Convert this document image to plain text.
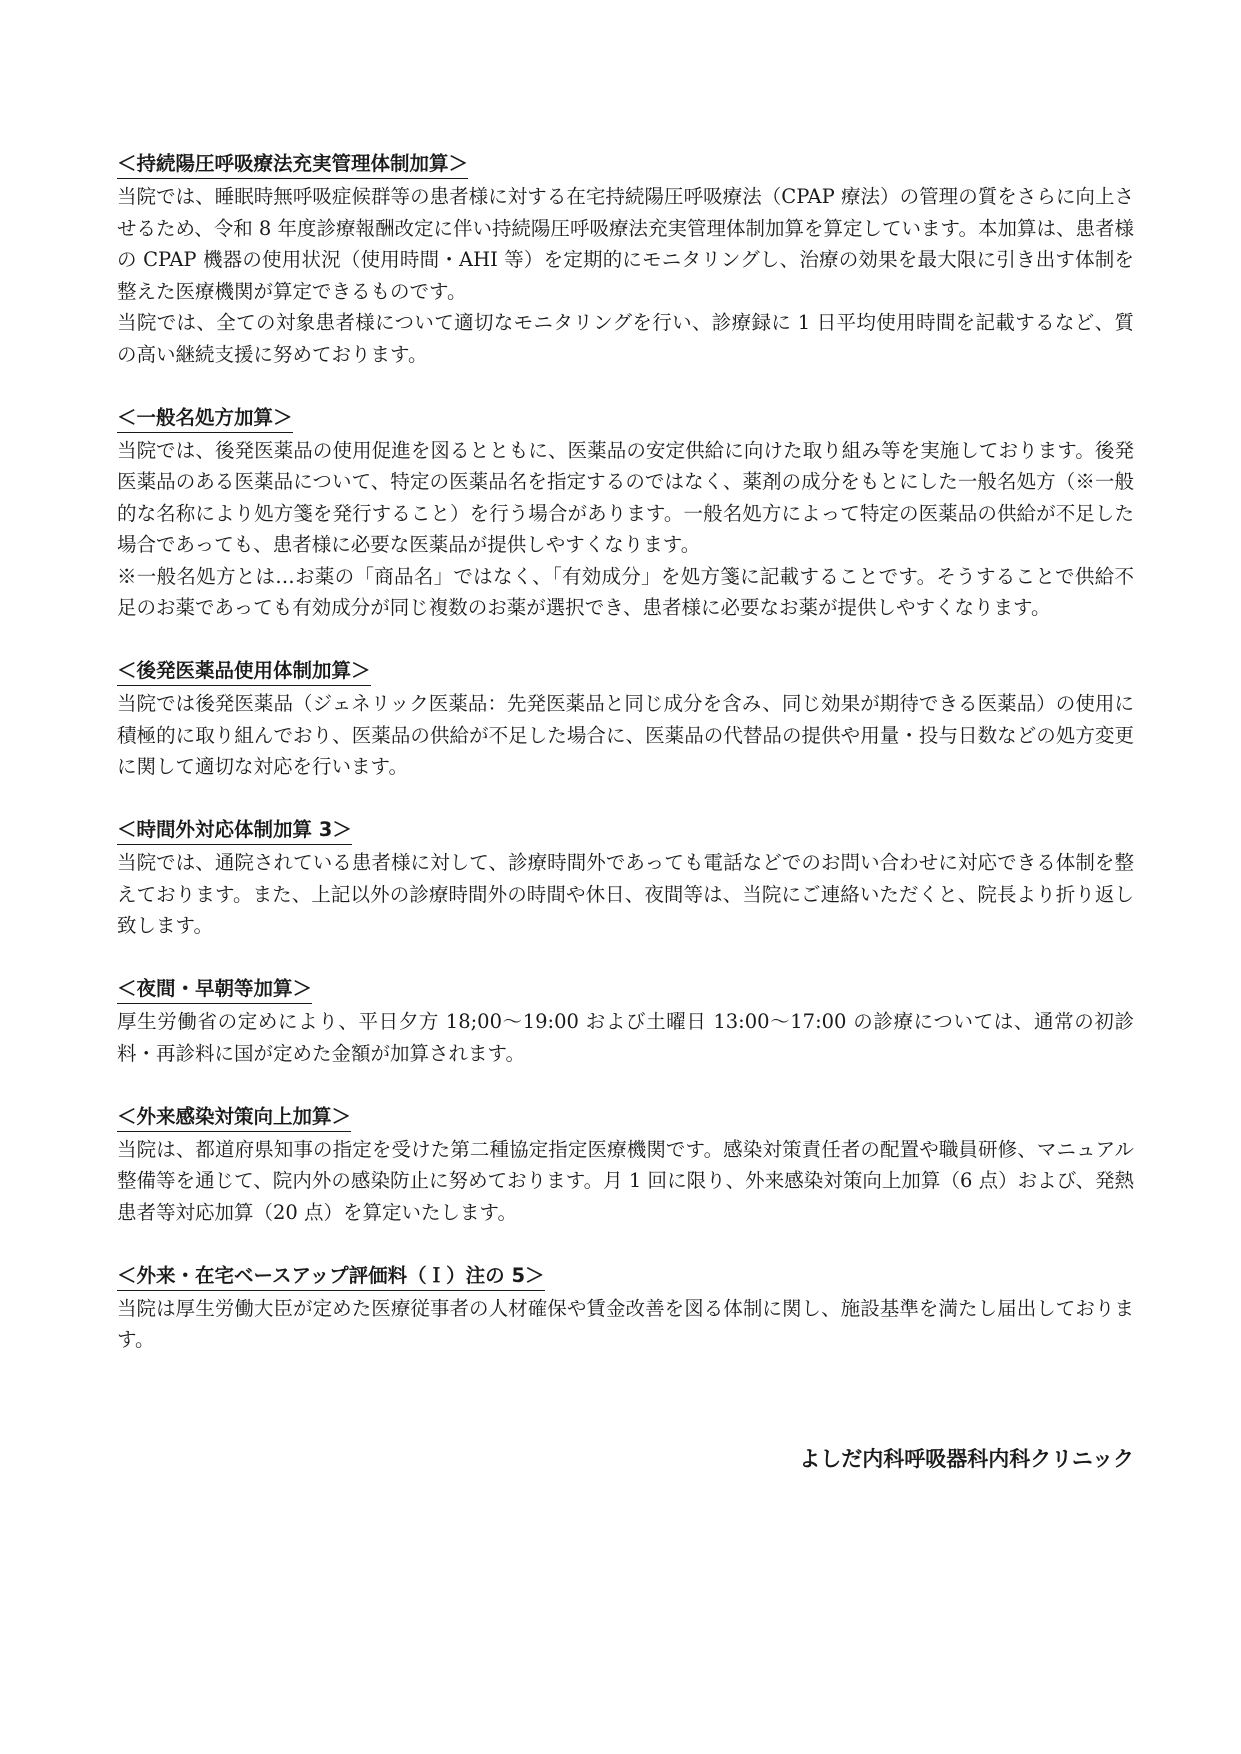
＜持続陽圧呼吸療法充実管理体制加算＞

当院では、睡眠時無呼吸症候群等の患者様に対する在宅持続陽圧呼吸療法（CPAP 療法）の管理の質をさらに向上させるため、令和 8 年度診療報酬改定に伴い持続陽圧呼吸療法充実管理体制加算を算定しています。本加算は、患者様の CPAP 機器の使用状況（使用時間・AHI 等）を定期的にモニタリングし、治療の効果を最大限に引き出す体制を整えた医療機関が算定できるものです。

当院では、全ての対象患者様について適切なモニタリングを行い、診療録に 1 日平均使用時間を記載するなど、質の高い継続支援に努めております。

＜一般名処方加算＞

当院では、後発医薬品の使用促進を図るとともに、医薬品の安定供給に向けた取り組み等を実施しております。後発医薬品のある医薬品について、特定の医薬品名を指定するのではなく、薬剤の成分をもとにした一般名処方（※一般的な名称により処方箋を発行すること）を行う場合があります。一般名処方によって特定の医薬品の供給が不足した場合であっても、患者様に必要な医薬品が提供しやすくなります。

※一般名処方とは…お薬の「商品名」ではなく、「有効成分」を処方箋に記載することです。そうすることで供給不足のお薬であっても有効成分が同じ複数のお薬が選択でき、患者様に必要なお薬が提供しやすくなります。

＜後発医薬品使用体制加算＞

当院では後発医薬品（ジェネリック医薬品：先発医薬品と同じ成分を含み、同じ効果が期待できる医薬品）の使用に積極的に取り組んでおり、医薬品の供給が不足した場合に、医薬品の代替品の提供や用量・投与日数などの処方変更に関して適切な対応を行います。

＜時間外対応体制加算 3＞

当院では、通院されている患者様に対して、診療時間外であっても電話などでのお問い合わせに対応できる体制を整えております。また、上記以外の診療時間外の時間や休日、夜間等は、当院にご連絡いただくと、院長より折り返し致します。

＜夜間・早朝等加算＞

厚生労働省の定めにより、平日夕方 18;00〜19:00 および土曜日 13:00〜17:00 の診療については、通常の初診料・再診料に国が定めた金額が加算されます。

＜外来感染対策向上加算＞

当院は、都道府県知事の指定を受けた第二種協定指定医療機関です。感染対策責任者の配置や職員研修、マニュアル整備等を通じて、院内外の感染防止に努めております。月 1 回に限り、外来感染対策向上加算（6 点）および、発熱患者等対応加算（20 点）を算定いたします。

＜外来・在宅ベースアップ評価料（Ｉ）注の 5＞

当院は厚生労働大臣が定めた医療従事者の人材確保や賃金改善を図る体制に関し、施設基準を満たし届出しております。

よしだ内科呼吸器科内科クリニック
